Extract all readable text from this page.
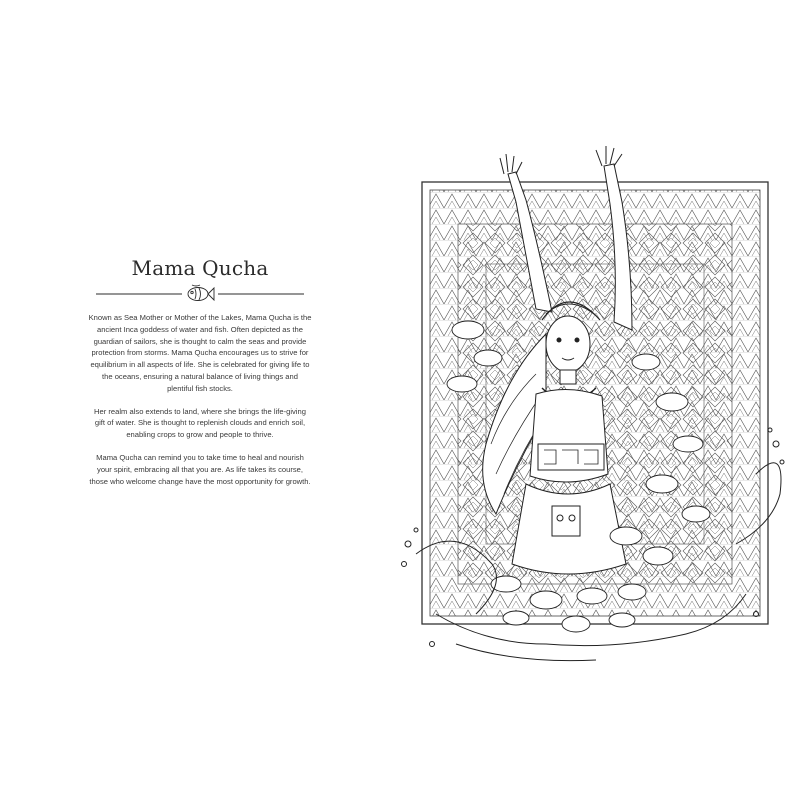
Mama Qucha

Known as Sea Mother or Mother of the Lakes, Mama Qucha is the ancient Inca goddess of water and fish. Often depicted as the guardian of sailors, she is thought to calm the seas and provide protection from storms. Mama Qucha encourages us to strive for equilibrium in all aspects of life. She is celebrated for giving life to the oceans, ensuring a natural balance of living things and plentiful fish stocks.

Her realm also extends to land, where she brings the life-giving gift of water. She is thought to replenish clouds and enrich soil, enabling crops to grow and people to thrive.

Mama Qucha can remind you to take time to heal and nourish your spirit, embracing all that you are. As life takes its course, those who welcome change have the most opportunity for growth.
